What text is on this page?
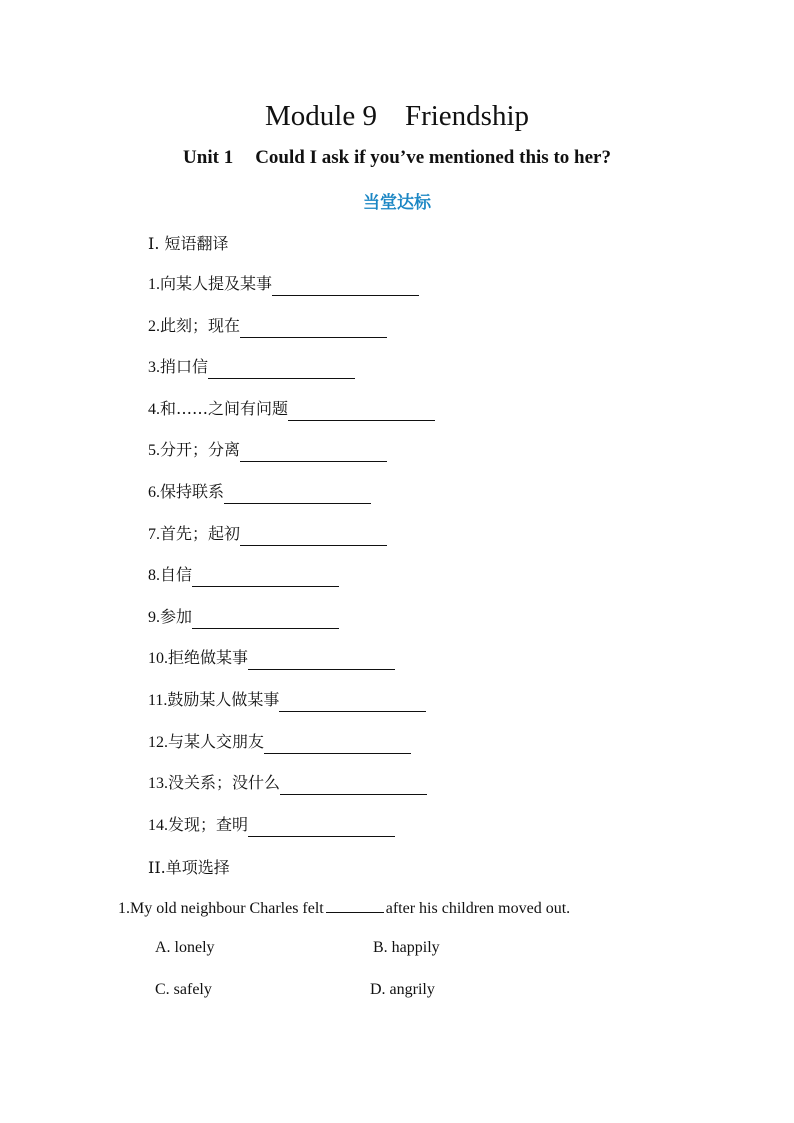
Module 9 Friendship
Unit 1 Could I ask if you’ve mentioned this to her?
当堂达标
I. 短语翻译
1.向某人提及某事
2.此刻；现在
3.捎口信
4.和……之间有问题
5.分开；分离
6.保持联系
7.首先；起初
8.自信
9.参加
10.拒绝做某事
11.鼓励某人做某事
12.与某人交朋友
13.没关系；没什么
14.发现；查明
II.单项选择
1.My old neighbour Charles felt	after his children moved out.
A. lonely	B. happily
C. safely	D. angrily
